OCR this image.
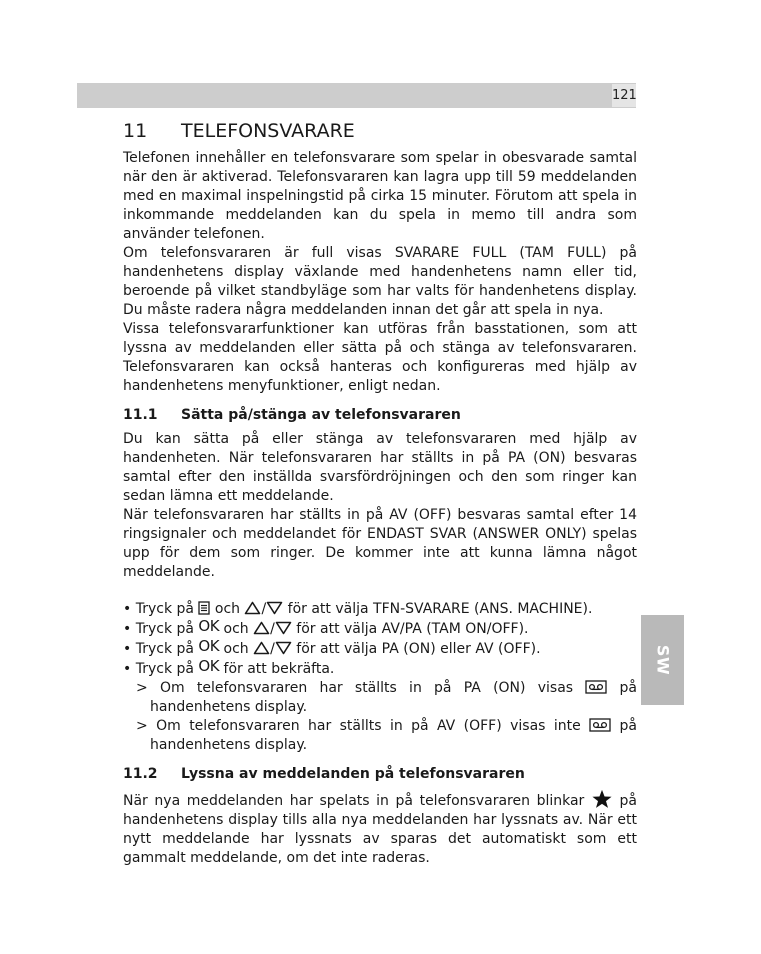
121
SW
11 TELEFONSVARARE

Telefonen innehåller en telefonsvarare som spelar in obesvarade samtal när den är aktiverad. Telefonsvararen kan lagra upp till 59 meddelanden med en maximal inspelningstid på cirka 15 minuter. Förutom att spela in inkommande meddelanden kan du spela in memo till andra som använder telefonen.

Om telefonsvararen är full visas SVARARE FULL (TAM FULL) på handenhetens display växlande med handenhetens namn eller tid, beroende på vilket standbyläge som har valts för handenhetens display. Du måste radera några meddelanden innan det går att spela in nya.

Vissa telefonsvararfunktioner kan utföras från basstationen, som att lyssna av meddelanden eller sätta på och stänga av telefonsvararen. Telefonsvararen kan också hanteras och konfigureras med hjälp av handenhetens menyfunktioner, enligt nedan.

11.1 Sätta på/stänga av telefonsvararen

Du kan sätta på eller stänga av telefonsvararen med hjälp av handenheten. När telefonsvararen har ställts in på PA (ON) besvaras samtal efter den inställda svarsfördröjningen och den som ringer kan sedan lämna ett meddelande.

När telefonsvararen har ställts in på AV (OFF) besvaras samtal efter 14 ringsignaler och meddelandet för ENDAST SVAR (ANSWER ONLY) spelas upp för dem som ringer. De kommer inte att kunna lämna något meddelande.

• Tryck på  och / för att välja TFN-SVARARE (ANS. MACHINE).
• Tryck på OK och / för att välja AV/PA (TAM ON/OFF).
• Tryck på OK och / för att välja PA (ON) eller AV (OFF).
• Tryck på OK för att bekräfta.
> Om telefonsvararen har ställts in på PA (ON) visas  på handenhetens display.
> Om telefonsvararen har ställts in på AV (OFF) visas inte  på handenhetens display.
11.2 Lyssna av meddelanden på telefonsvararen

När nya meddelanden har spelats in på telefonsvararen blinkar  på handenhetens display tills alla nya meddelanden har lyssnats av. När ett nytt meddelande har lyssnats av sparas det automatiskt som ett gammalt meddelande, om det inte raderas.
